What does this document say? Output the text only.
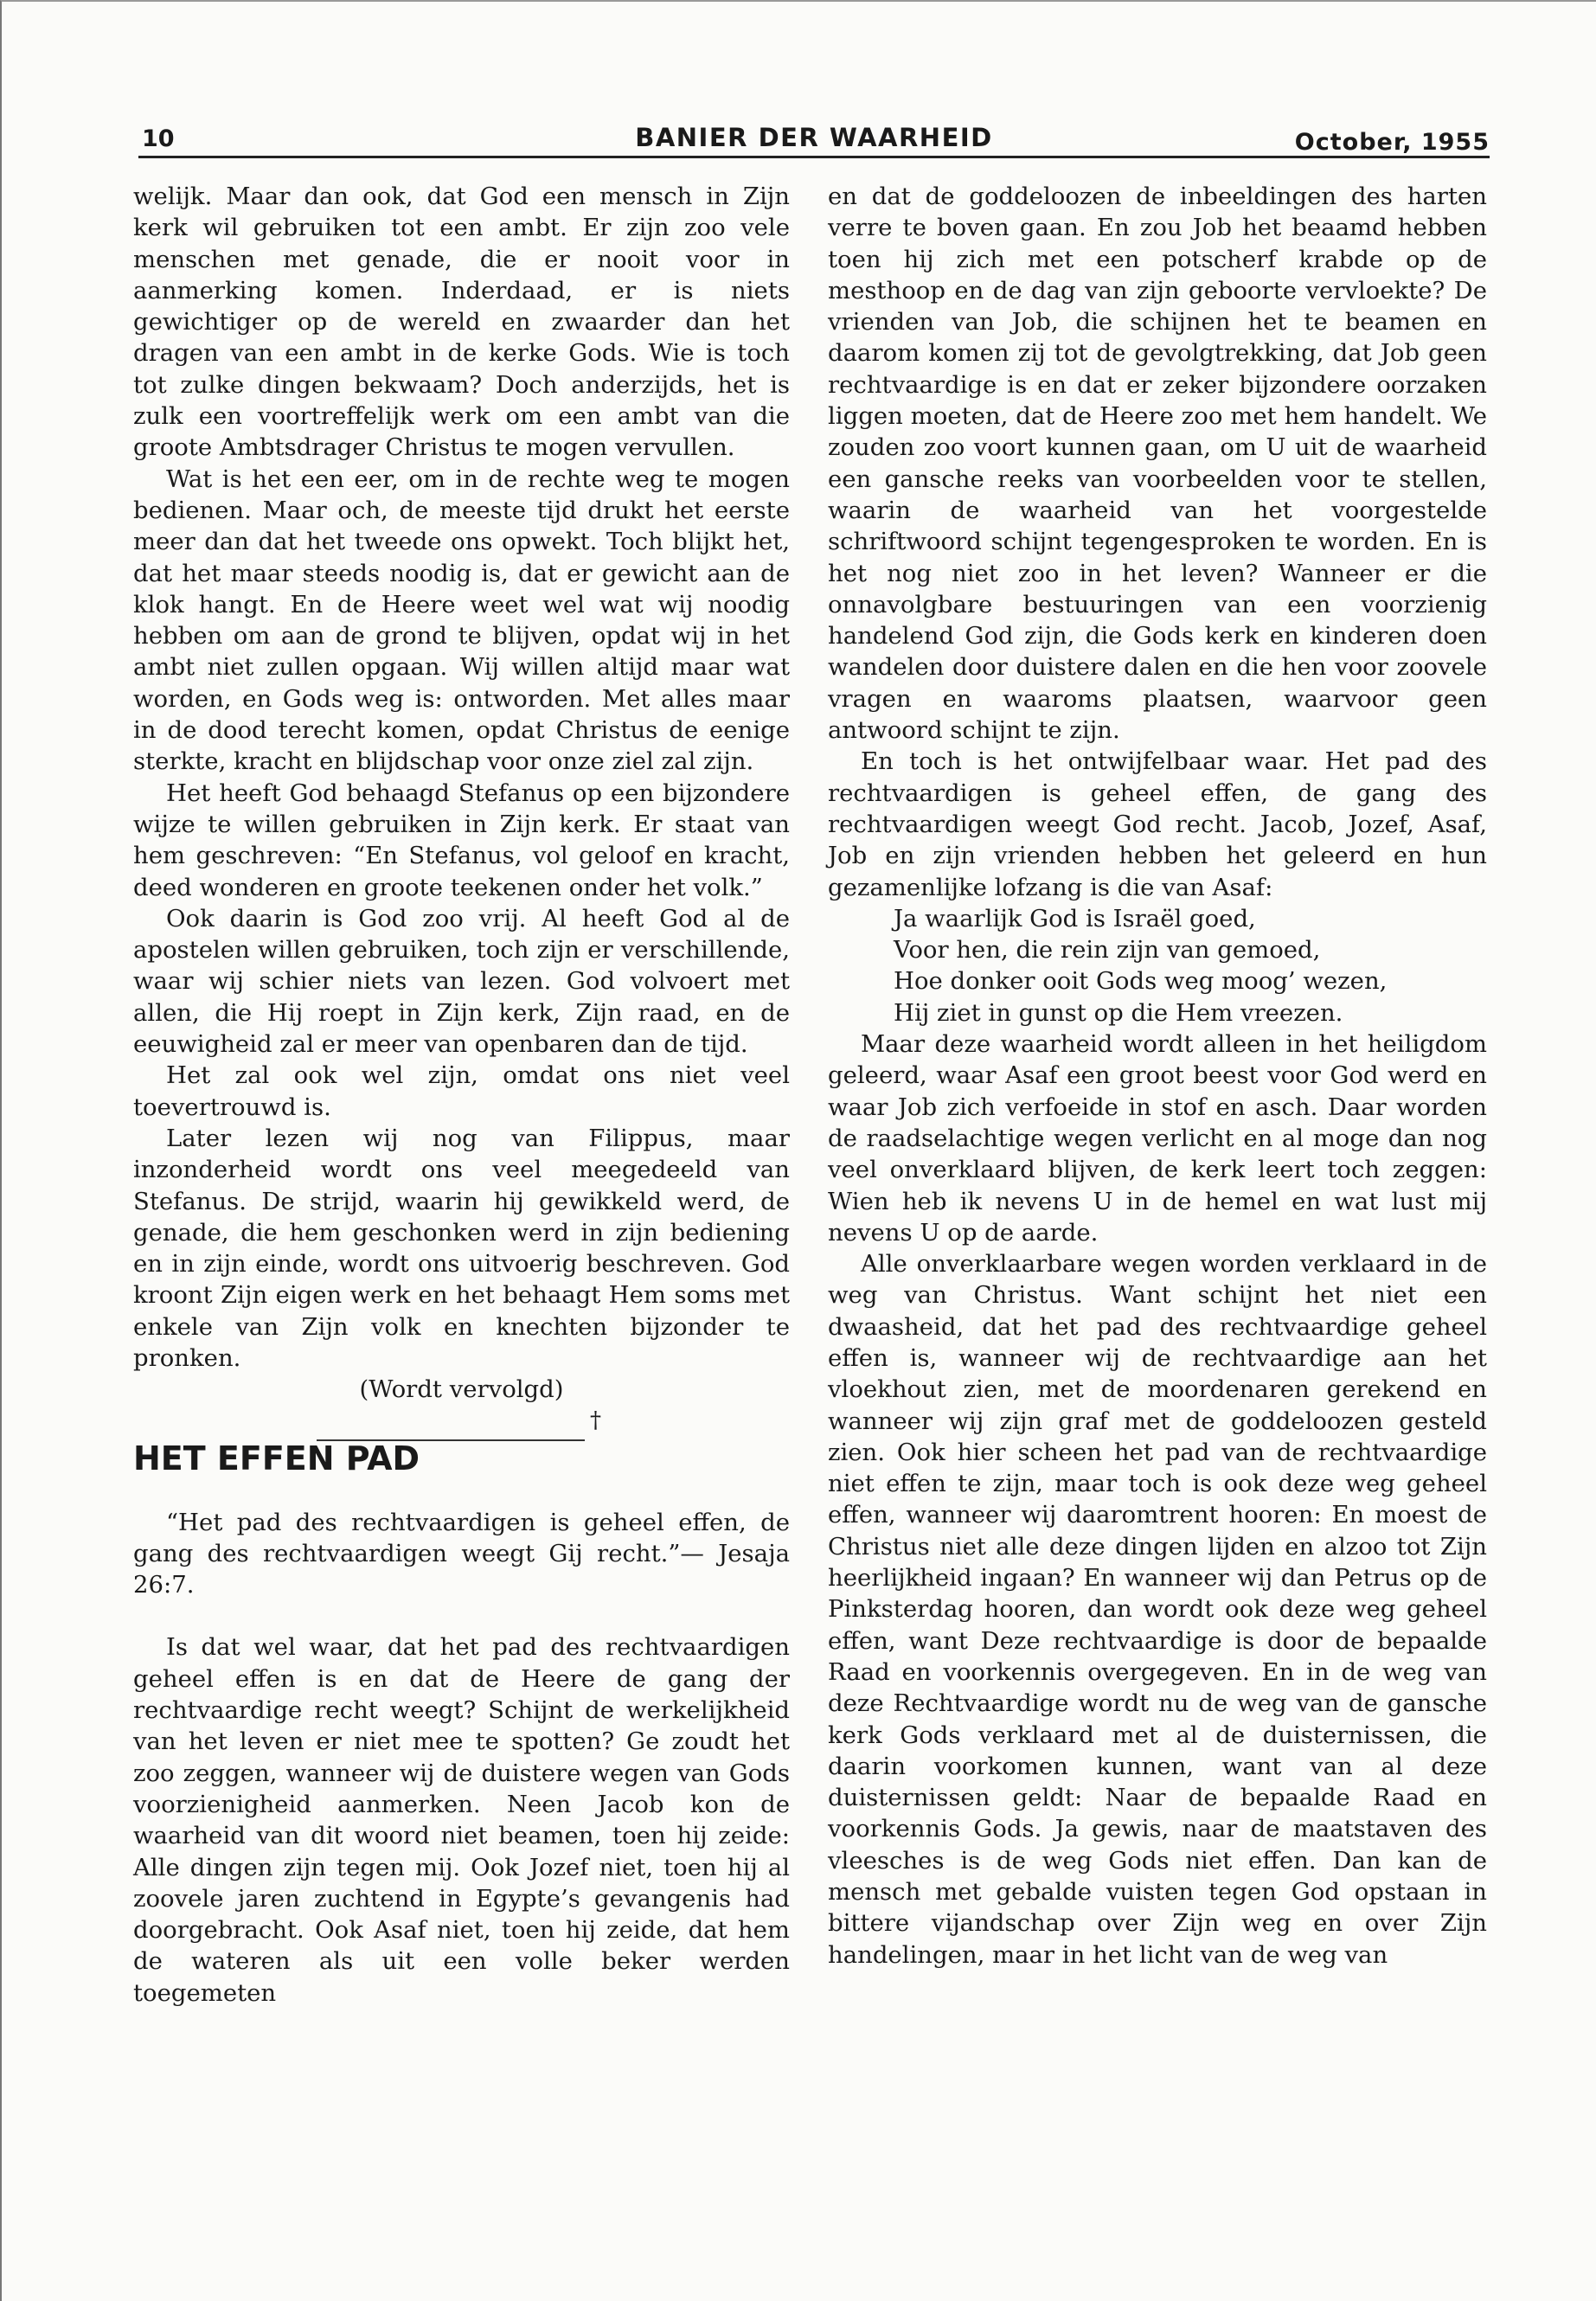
10	BANIER DER WAARHEID	October, 1955

welijk. Maar dan ook, dat God een mensch in Zijn kerk wil gebruiken tot een ambt. Er zijn zoo vele menschen met genade, die er nooit voor in aanmerking komen. Inderdaad, er is niets gewichtiger op de wereld en zwaarder dan het dragen van een ambt in de kerke Gods. Wie is toch tot zulke dingen bekwaam? Doch anderzijds, het is zulk een voortreffelijk werk om een ambt van die groote Ambtsdrager Christus te mogen vervullen.

Wat is het een eer, om in de rechte weg te mogen bedienen. Maar och, de meeste tijd drukt het eerste meer dan dat het tweede ons opwekt. Toch blijkt het, dat het maar steeds noodig is, dat er gewicht aan de klok hangt. En de Heere weet wel wat wij noodig hebben om aan de grond te blijven, opdat wij in het ambt niet zullen opgaan. Wij willen altijd maar wat worden, en Gods weg is: ontworden. Met alles maar in de dood terecht komen, opdat Christus de eenige sterkte, kracht en blijdschap voor onze ziel zal zijn.

Het heeft God behaagd Stefanus op een bijzondere wijze te willen gebruiken in Zijn kerk. Er staat van hem geschreven: “En Stefanus, vol geloof en kracht, deed wonderen en groote teekenen onder het volk.”

Ook daarin is God zoo vrij. Al heeft God al de apostelen willen gebruiken, toch zijn er verschillende, waar wij schier niets van lezen. God volvoert met allen, die Hij roept in Zijn kerk, Zijn raad, en de eeuwigheid zal er meer van openbaren dan de tijd.

Het zal ook wel zijn, omdat ons niet veel toevertrouwd is.

Later lezen wij nog van Filippus, maar inzonderheid wordt ons veel meegedeeld van Stefanus. De strijd, waarin hij gewikkeld werd, de genade, die hem geschonken werd in zijn bediening en in zijn einde, wordt ons uitvoerig beschreven. God kroont Zijn eigen werk en het behaagt Hem soms met enkele van Zijn volk en knechten bijzonder te pronken.

(Wordt vervolgd)

†
HET EFFEN PAD

“Het pad des rechtvaardigen is geheel effen, de gang des rechtvaardigen weegt Gij recht.”— Jesaja 26:7.

Is dat wel waar, dat het pad des rechtvaardigen geheel effen is en dat de Heere de gang der rechtvaardige recht weegt? Schijnt de werkelijkheid van het leven er niet mee te spotten? Ge zoudt het zoo zeggen, wanneer wij de duistere wegen van Gods voorzienigheid aanmerken. Neen Jacob kon de waarheid van dit woord niet beamen, toen hij zeide: Alle dingen zijn tegen mij. Ook Jozef niet, toen hij al zoovele jaren zuchtend in Egypte’s gevangenis had doorgebracht. Ook Asaf niet, toen hij zeide, dat hem de wateren als uit een volle beker werden toegemeten

en dat de goddeloozen de inbeeldingen des harten verre te boven gaan. En zou Job het beaamd hebben toen hij zich met een potscherf krabde op de mesthoop en de dag van zijn geboorte vervloekte? De vrienden van Job, die schijnen het te beamen en daarom komen zij tot de gevolgtrekking, dat Job geen rechtvaardige is en dat er zeker bijzondere oorzaken liggen moeten, dat de Heere zoo met hem handelt. We zouden zoo voort kunnen gaan, om U uit de waarheid een gansche reeks van voorbeelden voor te stellen, waarin de waarheid van het voorgestelde schriftwoord schijnt tegengesproken te worden. En is het nog niet zoo in het leven? Wanneer er die onnavolgbare bestuuringen van een voorzienig handelend God zijn, die Gods kerk en kinderen doen wandelen door duistere dalen en die hen voor zoovele vragen en waaroms plaatsen, waarvoor geen antwoord schijnt te zijn.

En toch is het ontwijfelbaar waar. Het pad des rechtvaardigen is geheel effen, de gang des rechtvaardigen weegt God recht. Jacob, Jozef, Asaf, Job en zijn vrienden hebben het geleerd en hun gezamenlijke lofzang is die van Asaf:

Ja waarlijk God is Israël goed,
Voor hen, die rein zijn van gemoed,
Hoe donker ooit Gods weg moog’ wezen,
Hij ziet in gunst op die Hem vreezen.

Maar deze waarheid wordt alleen in het heiligdom geleerd, waar Asaf een groot beest voor God werd en waar Job zich verfoeide in stof en asch. Daar worden de raadselachtige wegen verlicht en al moge dan nog veel onverklaard blijven, de kerk leert toch zeggen: Wien heb ik nevens U in de hemel en wat lust mij nevens U op de aarde.

Alle onverklaarbare wegen worden verklaard in de weg van Christus. Want schijnt het niet een dwaasheid, dat het pad des rechtvaardige geheel effen is, wanneer wij de rechtvaardige aan het vloekhout zien, met de moordenaren gerekend en wanneer wij zijn graf met de goddeloozen gesteld zien. Ook hier scheen het pad van de rechtvaardige niet effen te zijn, maar toch is ook deze weg geheel effen, wanneer wij daaromtrent hooren: En moest de Christus niet alle deze dingen lijden en alzoo tot Zijn heerlijkheid ingaan? En wanneer wij dan Petrus op de Pinksterdag hooren, dan wordt ook deze weg geheel effen, want Deze rechtvaardige is door de bepaalde Raad en voorkennis overgegeven. En in de weg van deze Rechtvaardige wordt nu de weg van de gansche kerk Gods verklaard met al de duisternissen, die daarin voorkomen kunnen, want van al deze duisternissen geldt: Naar de bepaalde Raad en voorkennis Gods. Ja gewis, naar de maatstaven des vleesches is de weg Gods niet effen. Dan kan de mensch met gebalde vuisten tegen God opstaan in bittere vijandschap over Zijn weg en over Zijn handelingen, maar in het licht van de weg van
